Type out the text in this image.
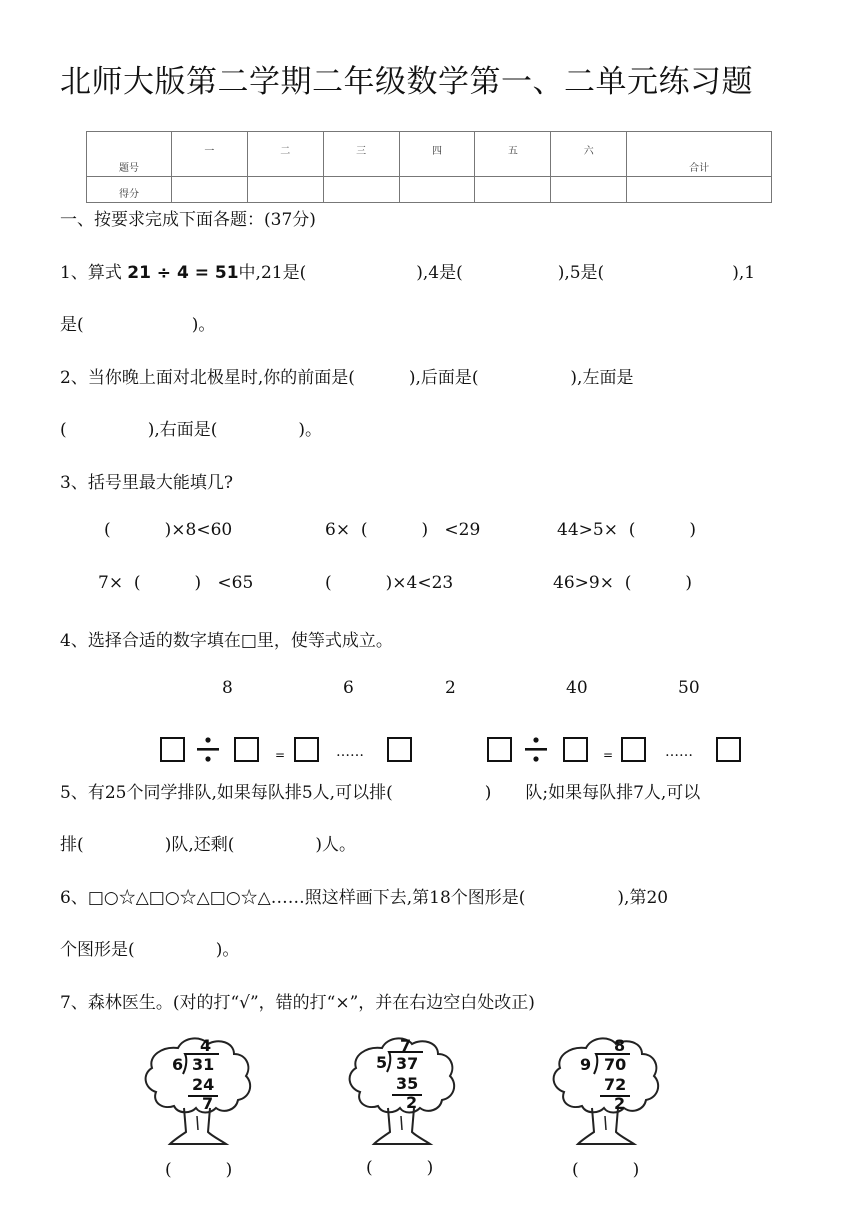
北师大版第二学期二年级数学第一、二单元练习题
题号	一	二	三	四	五	六	合计
得分							
一、按要求完成下面各题：(37分)
1、算式 21 ÷ 4 = 51中,21是(	),4是(	),5是(	),1
是(                    )。
2、当你晚上面对北极星时,你的前面是(          ),后面是(                 ),左面是
(               ),右面是(               )。
3、括号里最大能填几?
(          )×8<60	6×  (          )   <29	44>5×  (          )
7×  (          )   <65	(          )×4<23	46>9×  (          )
4、选择合适的数字填在□里，使等式成立。
8	6	2	40	50
=	……	=	……
5、有25个同学排队,如果每队排5人,可以排(	) 队;如果每队排7人,可以
排(               )队,还剩(               )人。
6、□○☆△□○☆△□○☆△……照这样画下去,第18个图形是(	),第20
个图形是(               )。
7、森林医生。(对的打“√”，错的打“×”，并在右边空白处改正)
4
6 31
24
7
(          )
7
5 37
35
2
(          )
8
9 70
72
2
(          )
